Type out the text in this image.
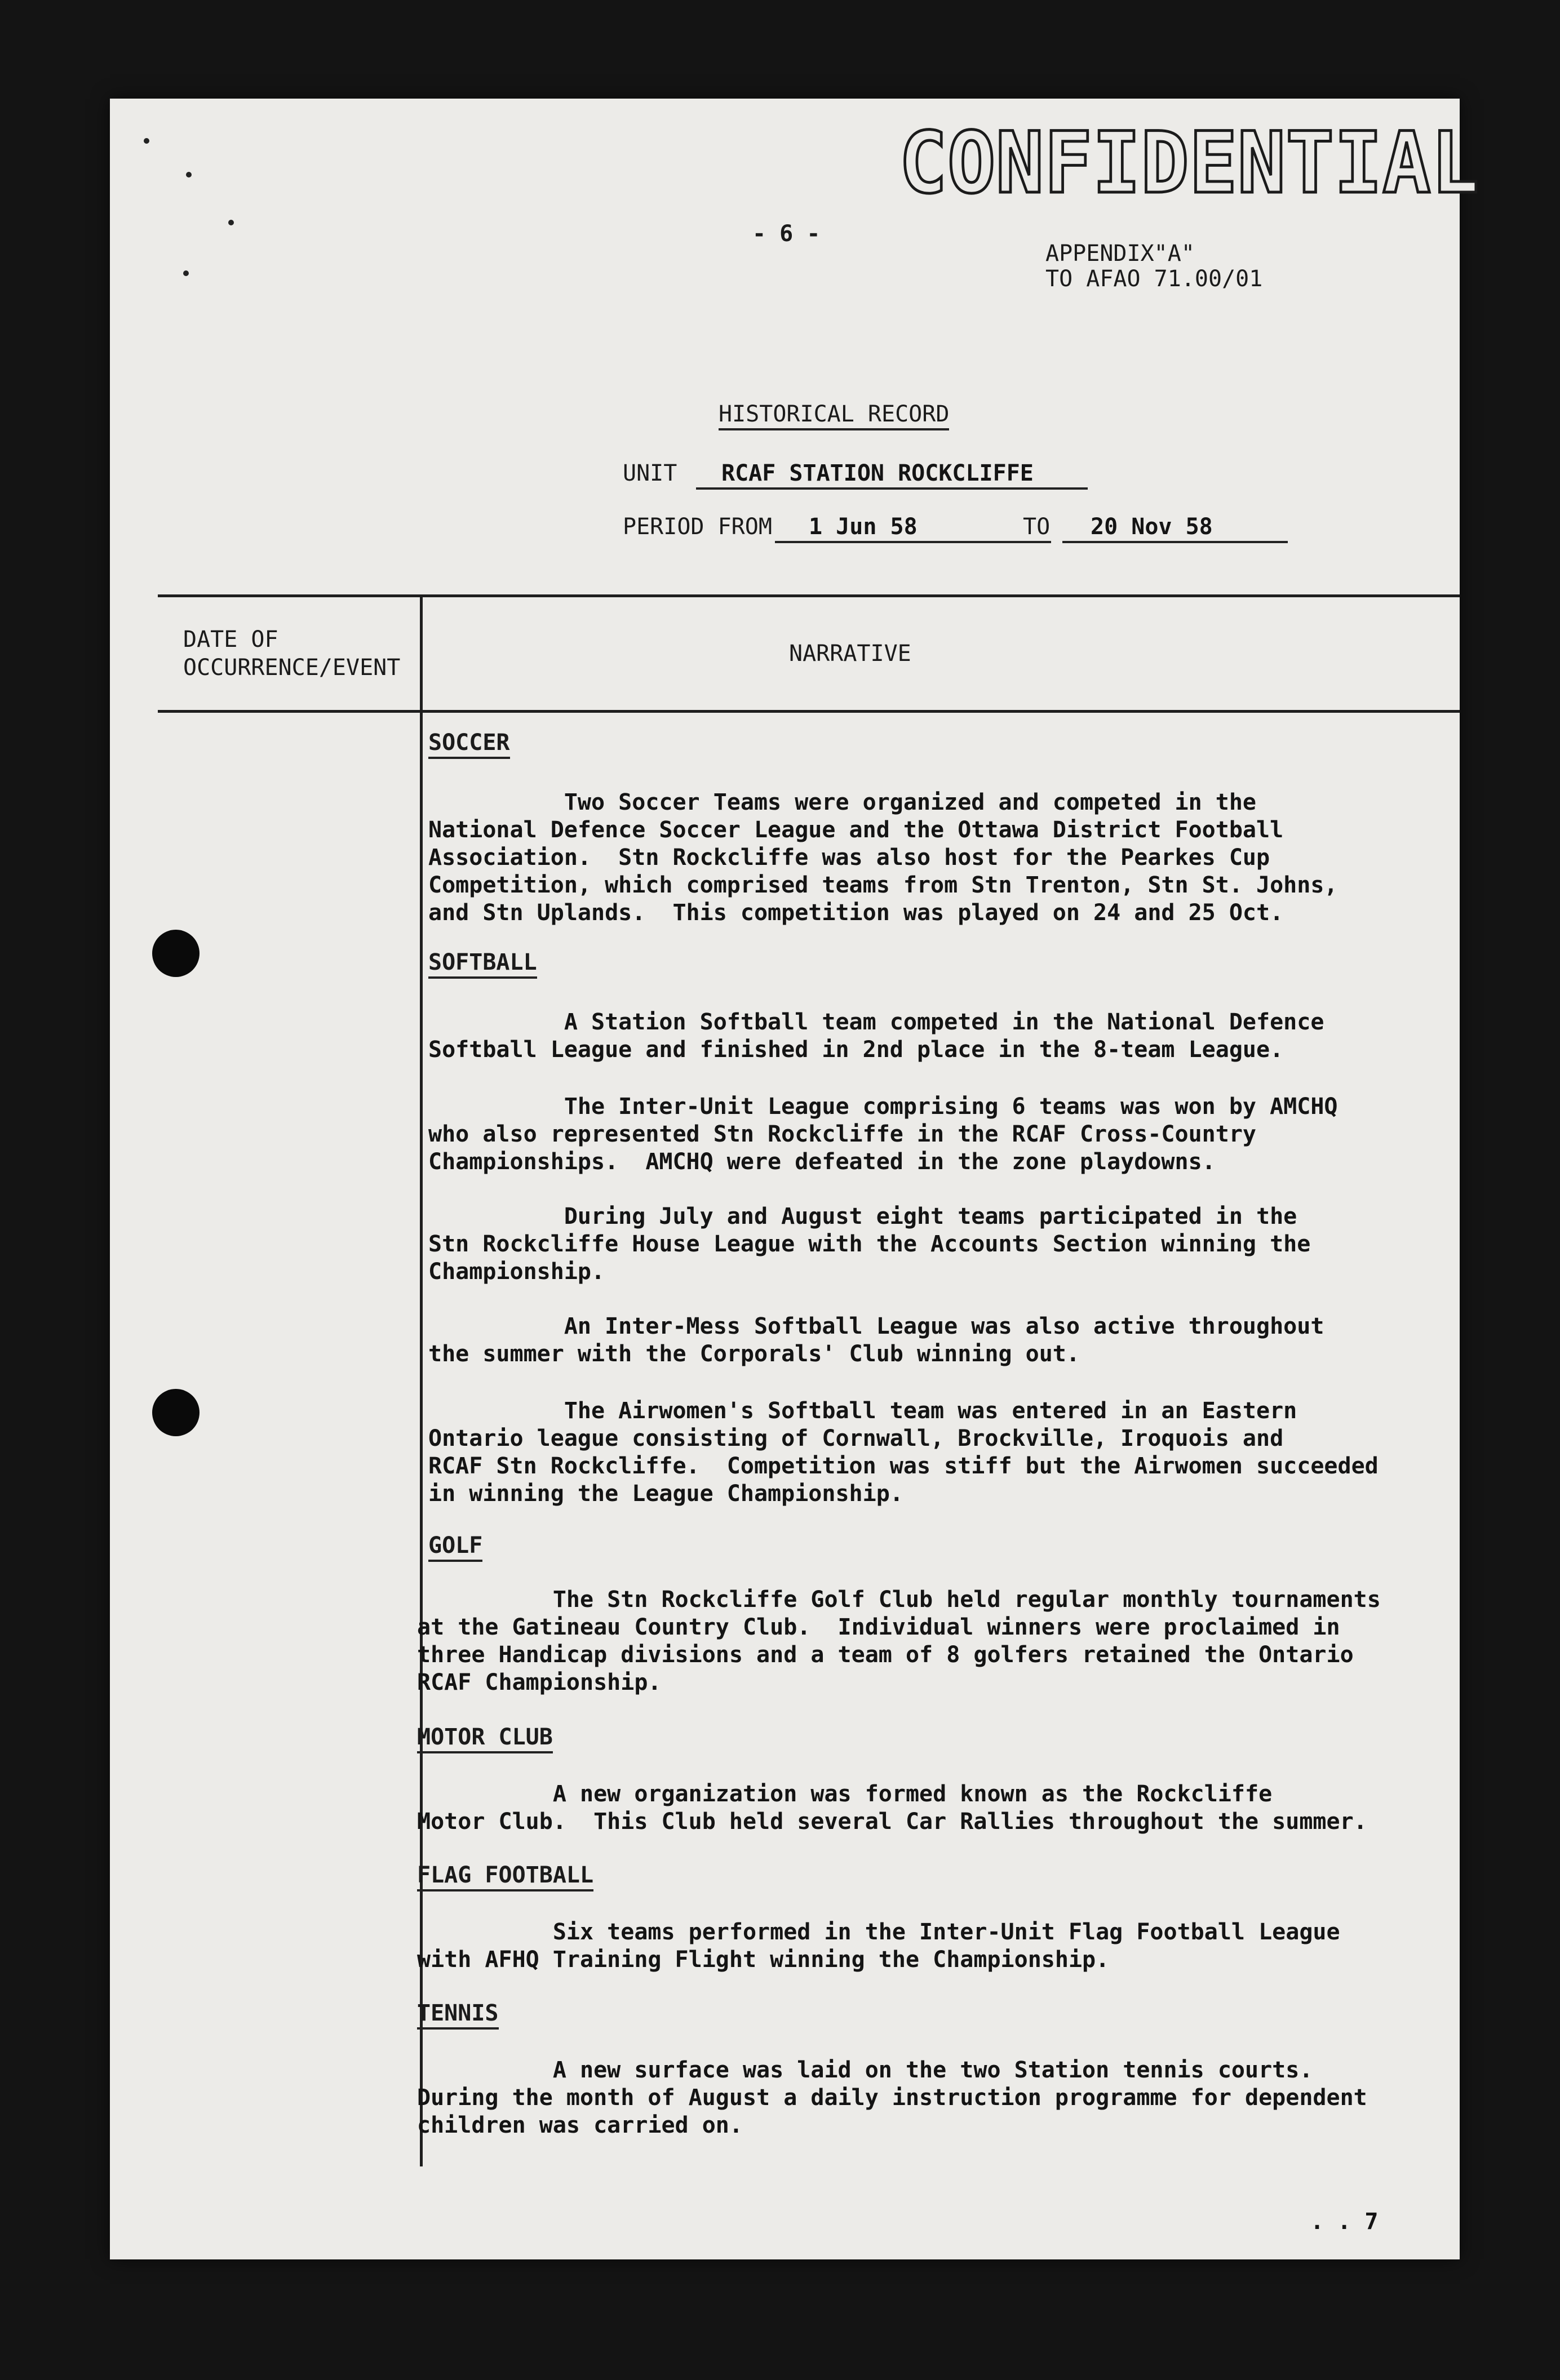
CONFIDENTIAL
- 6 -
APPENDIX"A"
TO AFAO 71.00/01
HISTORICAL RECORD
UNIT	RCAF STATION ROCKCLIFFE
PERIOD FROM	1 Jun 58	TO	20 Nov 58
DATE OF
OCCURRENCE/EVENT
NARRATIVE
SOCCER
Two Soccer Teams were organized and competed in the
National Defence Soccer League and the Ottawa District Football
Association.  Stn Rockcliffe was also host for the Pearkes Cup
Competition, which comprised teams from Stn Trenton, Stn St. Johns,
and Stn Uplands.  This competition was played on 24 and 25 Oct.
SOFTBALL
A Station Softball team competed in the National Defence
Softball League and finished in 2nd place in the 8-team League.
The Inter-Unit League comprising 6 teams was won by AMCHQ
who also represented Stn Rockcliffe in the RCAF Cross-Country
Championships.  AMCHQ were defeated in the zone playdowns.
During July and August eight teams participated in the
Stn Rockcliffe House League with the Accounts Section winning the
Championship.
An Inter-Mess Softball League was also active throughout
the summer with the Corporals' Club winning out.
The Airwomen's Softball team was entered in an Eastern
Ontario league consisting of Cornwall, Brockville, Iroquois and
RCAF Stn Rockcliffe.  Competition was stiff but the Airwomen succeeded
in winning the League Championship.
GOLF
The Stn Rockcliffe Golf Club held regular monthly tournaments
at the Gatineau Country Club.  Individual winners were proclaimed in
three Handicap divisions and a team of 8 golfers retained the Ontario
RCAF Championship.
MOTOR CLUB
A new organization was formed known as the Rockcliffe
Motor Club.  This Club held several Car Rallies throughout the summer.
FLAG FOOTBALL
Six teams performed in the Inter-Unit Flag Football League
with AFHQ Training Flight winning the Championship.
TENNIS
A new surface was laid on the two Station tennis courts.
During the month of August a daily instruction programme for dependent
children was carried on.
. . 7
